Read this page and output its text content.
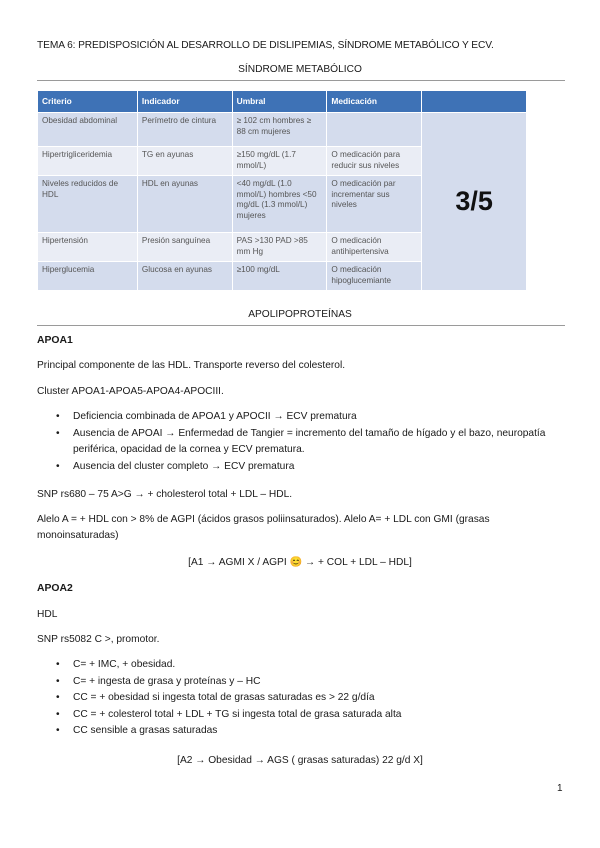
TEMA 6: PREDISPOSICIÓN AL DESARROLLO DE DISLIPEMIAS, SÍNDROME METABÓLICO Y ECV.
SÍNDROME METABÓLICO
Criterio	Indicador	Umbral	Medicación	
Obesidad abdominal	Perímetro de cintura	≥ 102 cm hombres ≥ 88 cm mujeres		3/5
Hipertrigliceridemia	TG en ayunas	≥150 mg/dL (1.7 mmol/L)	O medicación para reducir sus niveles	
Niveles reducidos de HDL	HDL en ayunas	<40 mg/dL (1.0 mmol/L) hombres <50 mg/dL (1.3 mmol/L) mujeres	O medicación par incrementar sus niveles	
Hipertensión	Presión sanguínea	PAS >130 PAD >85 mm Hg	O medicación antihipertensiva	
Hiperglucemia	Glucosa en ayunas	≥100 mg/dL	O medicación hipoglucemiante	
APOLIPOPROTEÍNAS
APOA1
Principal componente de las HDL. Transporte reverso del colesterol.
Cluster APOA1-APOA5-APOA4-APOCIII.
• Deficiencia combinada de APOA1 y APOCII → ECV prematura
• Ausencia de APOAI → Enfermedad de Tangier = incremento del tamaño de hígado y el bazo, neuropatía periférica, opacidad de la cornea y ECV prematura.
• Ausencia del cluster completo → ECV prematura
SNP rs680 – 75 A>G → + cholesterol total + LDL – HDL.
Alelo A = + HDL con > 8% de AGPI (ácidos grasos poliinsaturados). Alelo A= + LDL con GMI (grasas monoinsaturadas)
[A1 → AGMI X / AGPI 😊 → + COL + LDL – HDL]
APOA2
HDL
SNP rs5082 C >, promotor.
• C= + IMC, + obesidad.
• C= + ingesta de grasa y proteínas y – HC
• CC = + obesidad si ingesta total de grasas saturadas es > 22 g/día
• CC = + colesterol total + LDL + TG si ingesta total de grasa saturada alta
• CC sensible a grasas saturadas
[A2 → Obesidad → AGS ( grasas saturadas) 22 g/d X]
1
